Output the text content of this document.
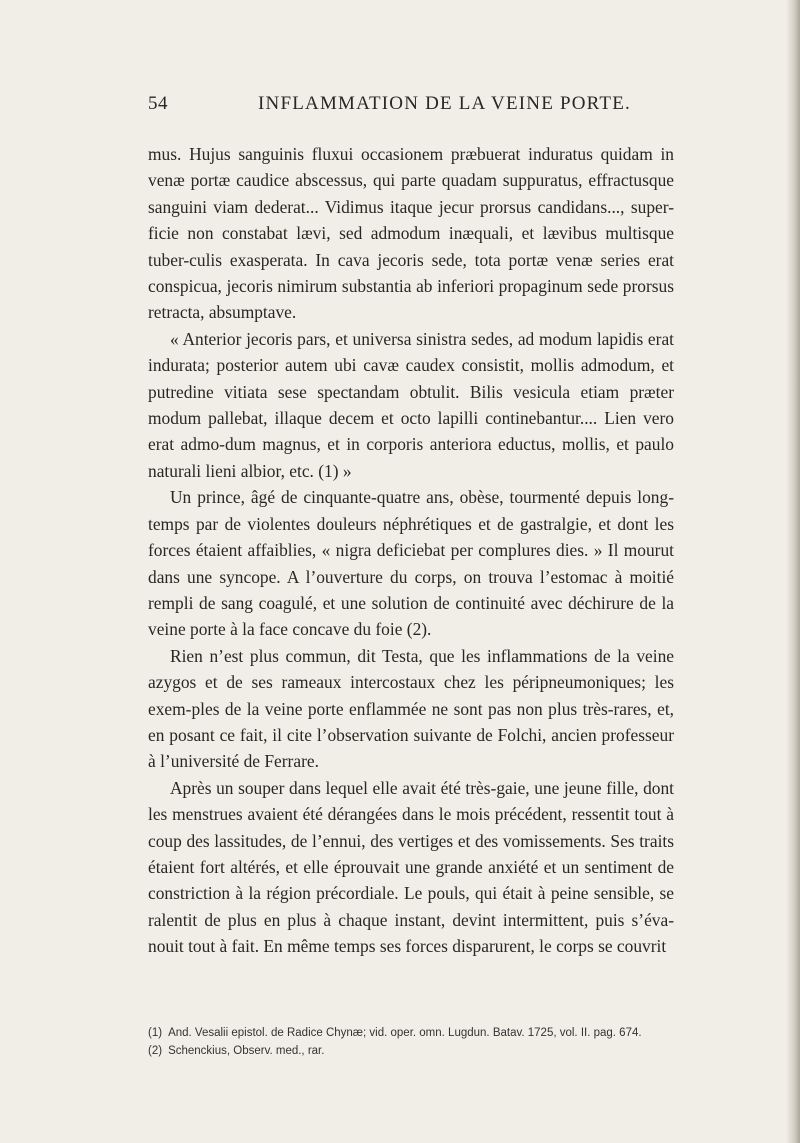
54	INFLAMMATION DE LA VEINE PORTE.

mus. Hujus sanguinis fluxui occasionem præbuerat induratus quidam in venæ portæ caudice abscessus, qui parte quadam suppuratus, effractusque sanguini viam dederat... Vidimus itaque jecur prorsus candidans..., super-ficie non constabat lævi, sed admodum inæquali, et lævibus multisque tuber-culis exasperata. In cava jecoris sede, tota portæ venæ series erat conspicua, jecoris nimirum substantia ab inferiori propaginum sede prorsus retracta, absumptave.

« Anterior jecoris pars, et universa sinistra sedes, ad modum lapidis erat indurata; posterior autem ubi cavæ caudex consistit, mollis admodum, et putredine vitiata sese spectandam obtulit. Bilis vesicula etiam præter modum pallebat, illaque decem et octo lapilli continebantur.... Lien vero erat admo-dum magnus, et in corporis anteriora eductus, mollis, et paulo naturali lieni albior, etc. (1) »

Un prince, âgé de cinquante-quatre ans, obèse, tourmenté depuis long-temps par de violentes douleurs néphrétiques et de gastralgie, et dont les forces étaient affaiblies, « nigra deficiebat per complures dies. » Il mourut dans une syncope. A l’ouverture du corps, on trouva l’estomac à moitié rempli de sang coagulé, et une solution de continuité avec déchirure de la veine porte à la face concave du foie (2).

Rien n’est plus commun, dit Testa, que les inflammations de la veine azygos et de ses rameaux intercostaux chez les péripneumoniques; les exem-ples de la veine porte enflammée ne sont pas non plus très-rares, et, en posant ce fait, il cite l’observation suivante de Folchi, ancien professeur à l’université de Ferrare.

Après un souper dans lequel elle avait été très-gaie, une jeune fille, dont les menstrues avaient été dérangées dans le mois précédent, ressentit tout à coup des lassitudes, de l’ennui, des vertiges et des vomissements. Ses traits étaient fort altérés, et elle éprouvait une grande anxiété et un sentiment de constriction à la région précordiale. Le pouls, qui était à peine sensible, se ralentit de plus en plus à chaque instant, devint intermittent, puis s’éva-nouit tout à fait. En même temps ses forces disparurent, le corps se couvrit

(1) And. Vesalii epistol. de Radice Chynæ; vid. oper. omn. Lugdun. Batav. 1725, vol. II. pag. 674.

(2) Schenckius, Observ. med., rar.
